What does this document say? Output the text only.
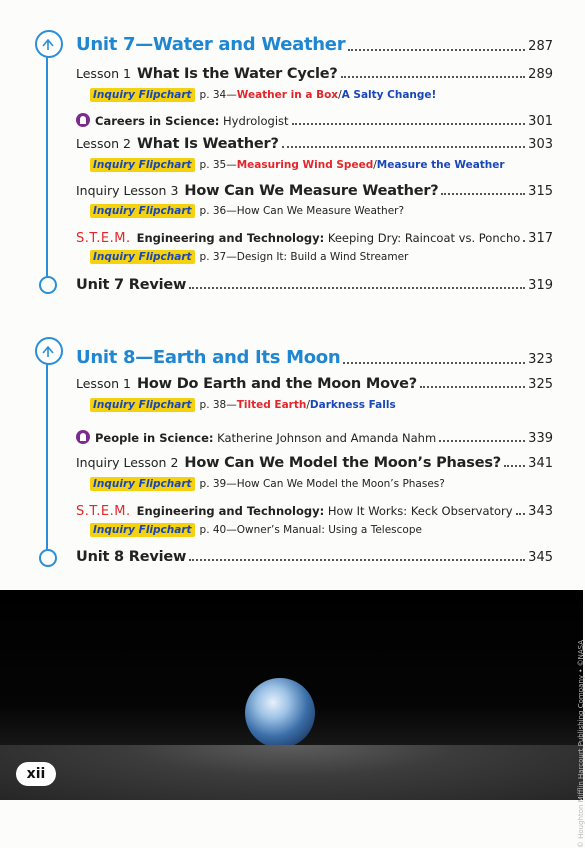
Unit 7—Water and Weather	287
Lesson 1 What Is the Water Cycle?	289
Inquiry Flipchart p. 34—Weather in a Box/A Salty Change!
Careers in Science: Hydrologist	301
Lesson 2 What Is Weather?	303
Inquiry Flipchart p. 35—Measuring Wind Speed/Measure the Weather
Inquiry Lesson 3 How Can We Measure Weather?	315
Inquiry Flipchart p. 36—How Can We Measure Weather?
S.T.E.M. Engineering and Technology: Keeping Dry: Raincoat vs. Poncho 317
Inquiry Flipchart p. 37—Design It: Build a Wind Streamer
Unit 7 Review	319
Unit 8—Earth and Its Moon	323
Lesson 1 How Do Earth and the Moon Move?	325
Inquiry Flipchart p. 38—Tilted Earth/Darkness Falls
People in Science: Katherine Johnson and Amanda Nahm	339
Inquiry Lesson 2 How Can We Model the Moon’s Phases? 341
Inquiry Flipchart p. 39—How Can We Model the Moon’s Phases?
S.T.E.M. Engineering and Technology: How It Works: Keck Observatory 343
Inquiry Flipchart p. 40—Owner’s Manual: Using a Telescope
Unit 8 Review	345
© Houghton Mifflin Harcourt Publishing Company • ©NASA
xii
